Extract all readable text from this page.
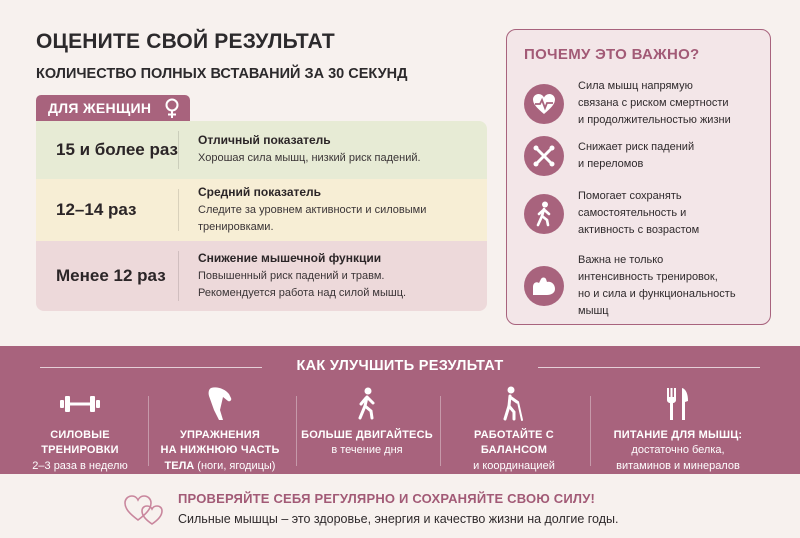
ОЦЕНИТЕ СВОЙ РЕЗУЛЬТАТ
КОЛИЧЕСТВО ПОЛНЫХ ВСТАВАНИЙ ЗА 30 СЕКУНД
ДЛЯ ЖЕНЩИН
15 и более раз Отличный показатель
Хорошая сила мышц, низкий риск падений.
12–14 раз
Средний показатель
Следите за уровнем активности и силовыми тренировками.
Менее 12 раз
Снижение мышечной функции
Повышенный риск падений и травм.
Рекомендуется работа над силой мышц.
ПОЧЕМУ ЭТО ВАЖНО?
Сила мышц напрямую
связана с риском смертности
и продолжительностью жизни
Снижает риск падений
и переломов
Помогает сохранять
самостоятельность и
активность с возрастом
Важна не только
интенсивность тренировок,
но и сила и функциональность
мышц
КАК УЛУЧШИТЬ РЕЗУЛЬТАТ
СИЛОВЫЕ
ТРЕНИРОВКИ
2–3 раза в неделю
УПРАЖНЕНИЯ
НА НИЖНЮЮ ЧАСТЬ
ТЕЛА (ноги, ягодицы)
БОЛЬШЕ ДВИГАЙТЕСЬ
в течение дня
РАБОТАЙТЕ С БАЛАНСОМ
и координацией
ПИТАНИЕ ДЛЯ МЫШЦ:
достаточно белка,
витаминов и минералов
ПРОВЕРЯЙТЕ СЕБЯ РЕГУЛЯРНО И СОХРАНЯЙТЕ СВОЮ СИЛУ!
Сильные мышцы – это здоровье, энергия и качество жизни на долгие годы.
